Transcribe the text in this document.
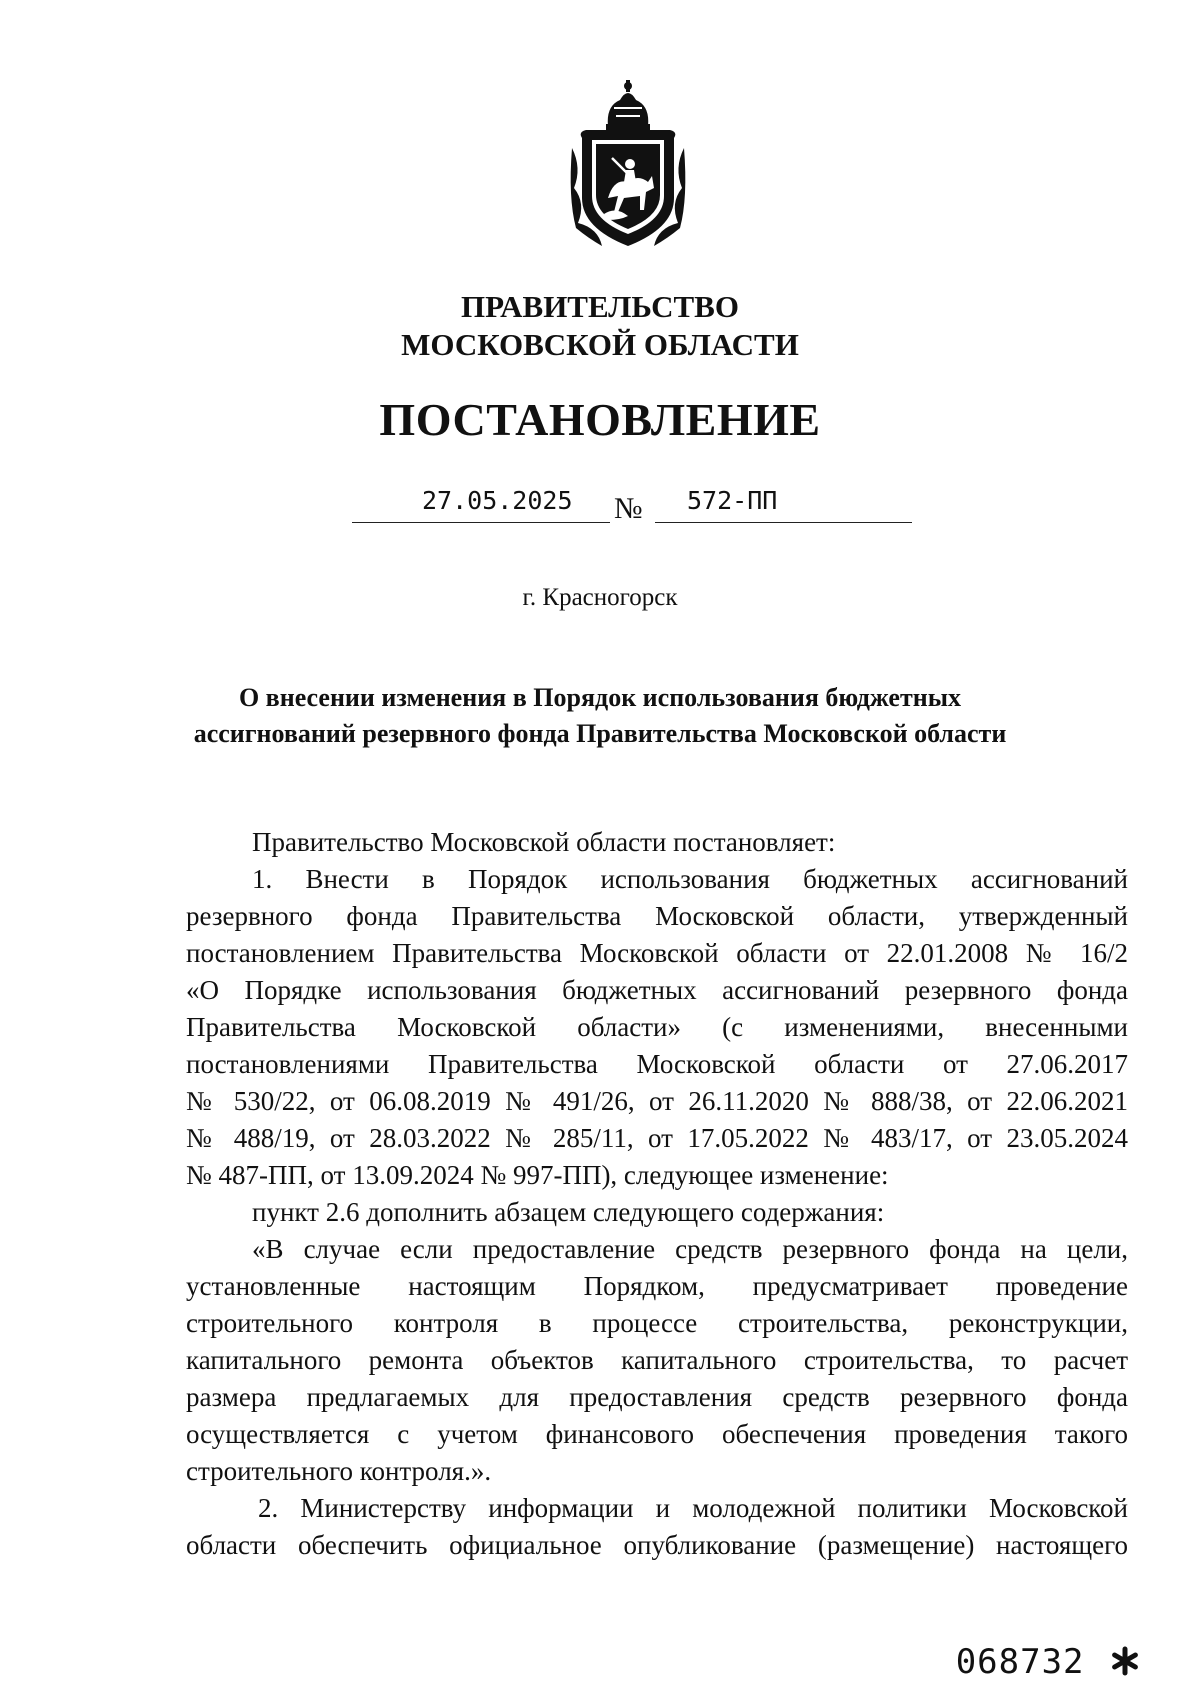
ПРАВИТЕЛЬСТВО
МОСКОВСКОЙ ОБЛАСТИ
ПОСТАНОВЛЕНИЕ
27.05.2025 № 572-ПП
г. Красногорск
О внесении изменения в Порядок использования бюджетных
ассигнований резервного фонда Правительства Московской области

Правительство Московской области постановляет:

1. Внести в Порядок использования бюджетных ассигнований

резервного фонда Правительства Московской области, утвержденный

постановлением Правительства Московской области от 22.01.2008 № 16/2

«О Порядке использования бюджетных ассигнований резервного фонда

Правительства Московской области» (с изменениями, внесенными

постановлениями Правительства Московской области от 27.06.2017

№ 530/22, от 06.08.2019 № 491/26, от 26.11.2020 № 888/38, от 22.06.2021

№ 488/19, от 28.03.2022 № 285/11, от 17.05.2022 № 483/17, от 23.05.2024

№ 487-ПП, от 13.09.2024 № 997-ПП), следующее изменение:

пункт 2.6 дополнить абзацем следующего содержания:

«В случае если предоставление средств резервного фонда на цели,

установленные настоящим Порядком, предусматривает проведение

строительного контроля в процессе строительства, реконструкции,

капитального ремонта объектов капитального строительства, то расчет

размера предлагаемых для предоставления средств резервного фонда

осуществляется с учетом финансового обеспечения проведения такого

строительного контроля.».

2. Министерству информации и молодежной политики Московской

области обеспечить официальное опубликование (размещение) настоящего

068732
